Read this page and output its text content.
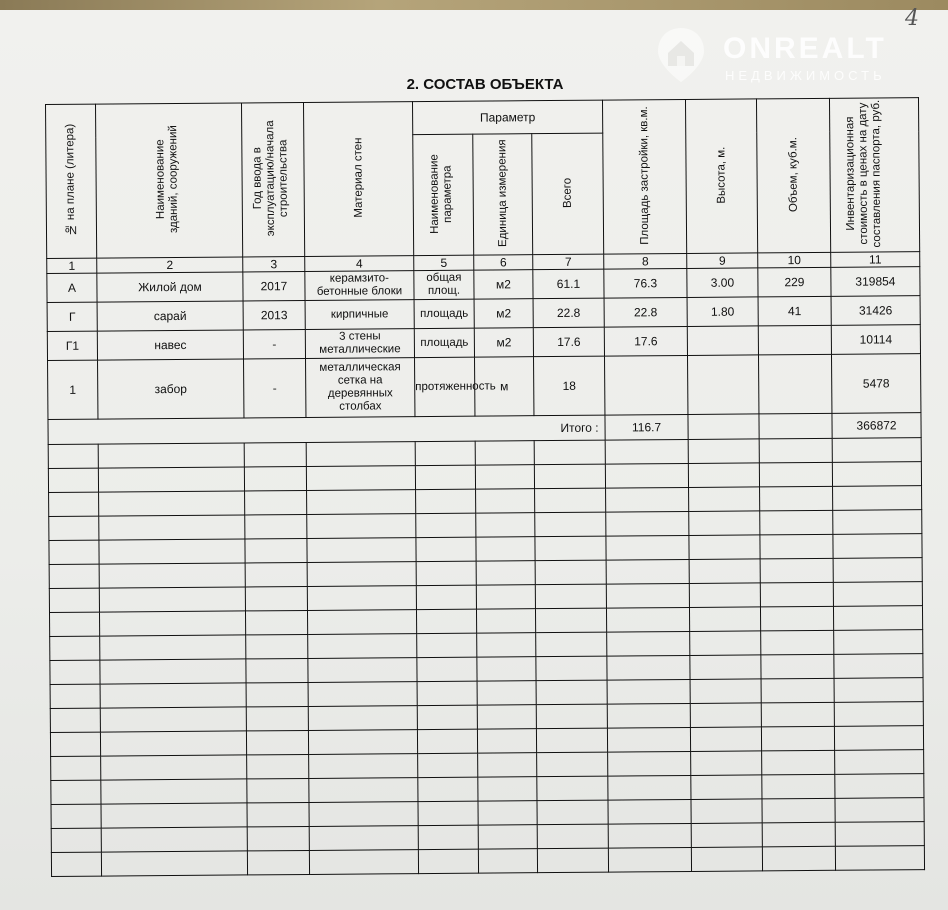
4
ONREALT
НЕДВИЖИМОСТЬ
2. СОСТАВ ОБЪЕКТА
№ на плане (литера)	Наименование зданий, сооружений	Год ввода в эксплуатацию/начала строительства	Материал стен	Параметр			Площадь застройки, кв.м.	Высота, м.	Объем, куб.м.	Инвентаризационная стоимость в ценах на дату составления паспорта, руб.
				Наименование параметра	Единица измерения	Всего				
1	2	3	4	5	6	7	8	9	10	11
А	Жилой дом	2017	керамзито-бетонные блоки	общая площ.	м2	61.1	76.3	3.00	229	319854
Г	сарай	2013	кирпичные	площадь	м2	22.8	22.8	1.80	41	31426
Г1	навес	-	3 стены металлические	площадь	м2	17.6	17.6			10114
1	забор	-	металлическая сетка на деревянных столбах	протяженность	м	18				5478
Итого :							116.7			366872
